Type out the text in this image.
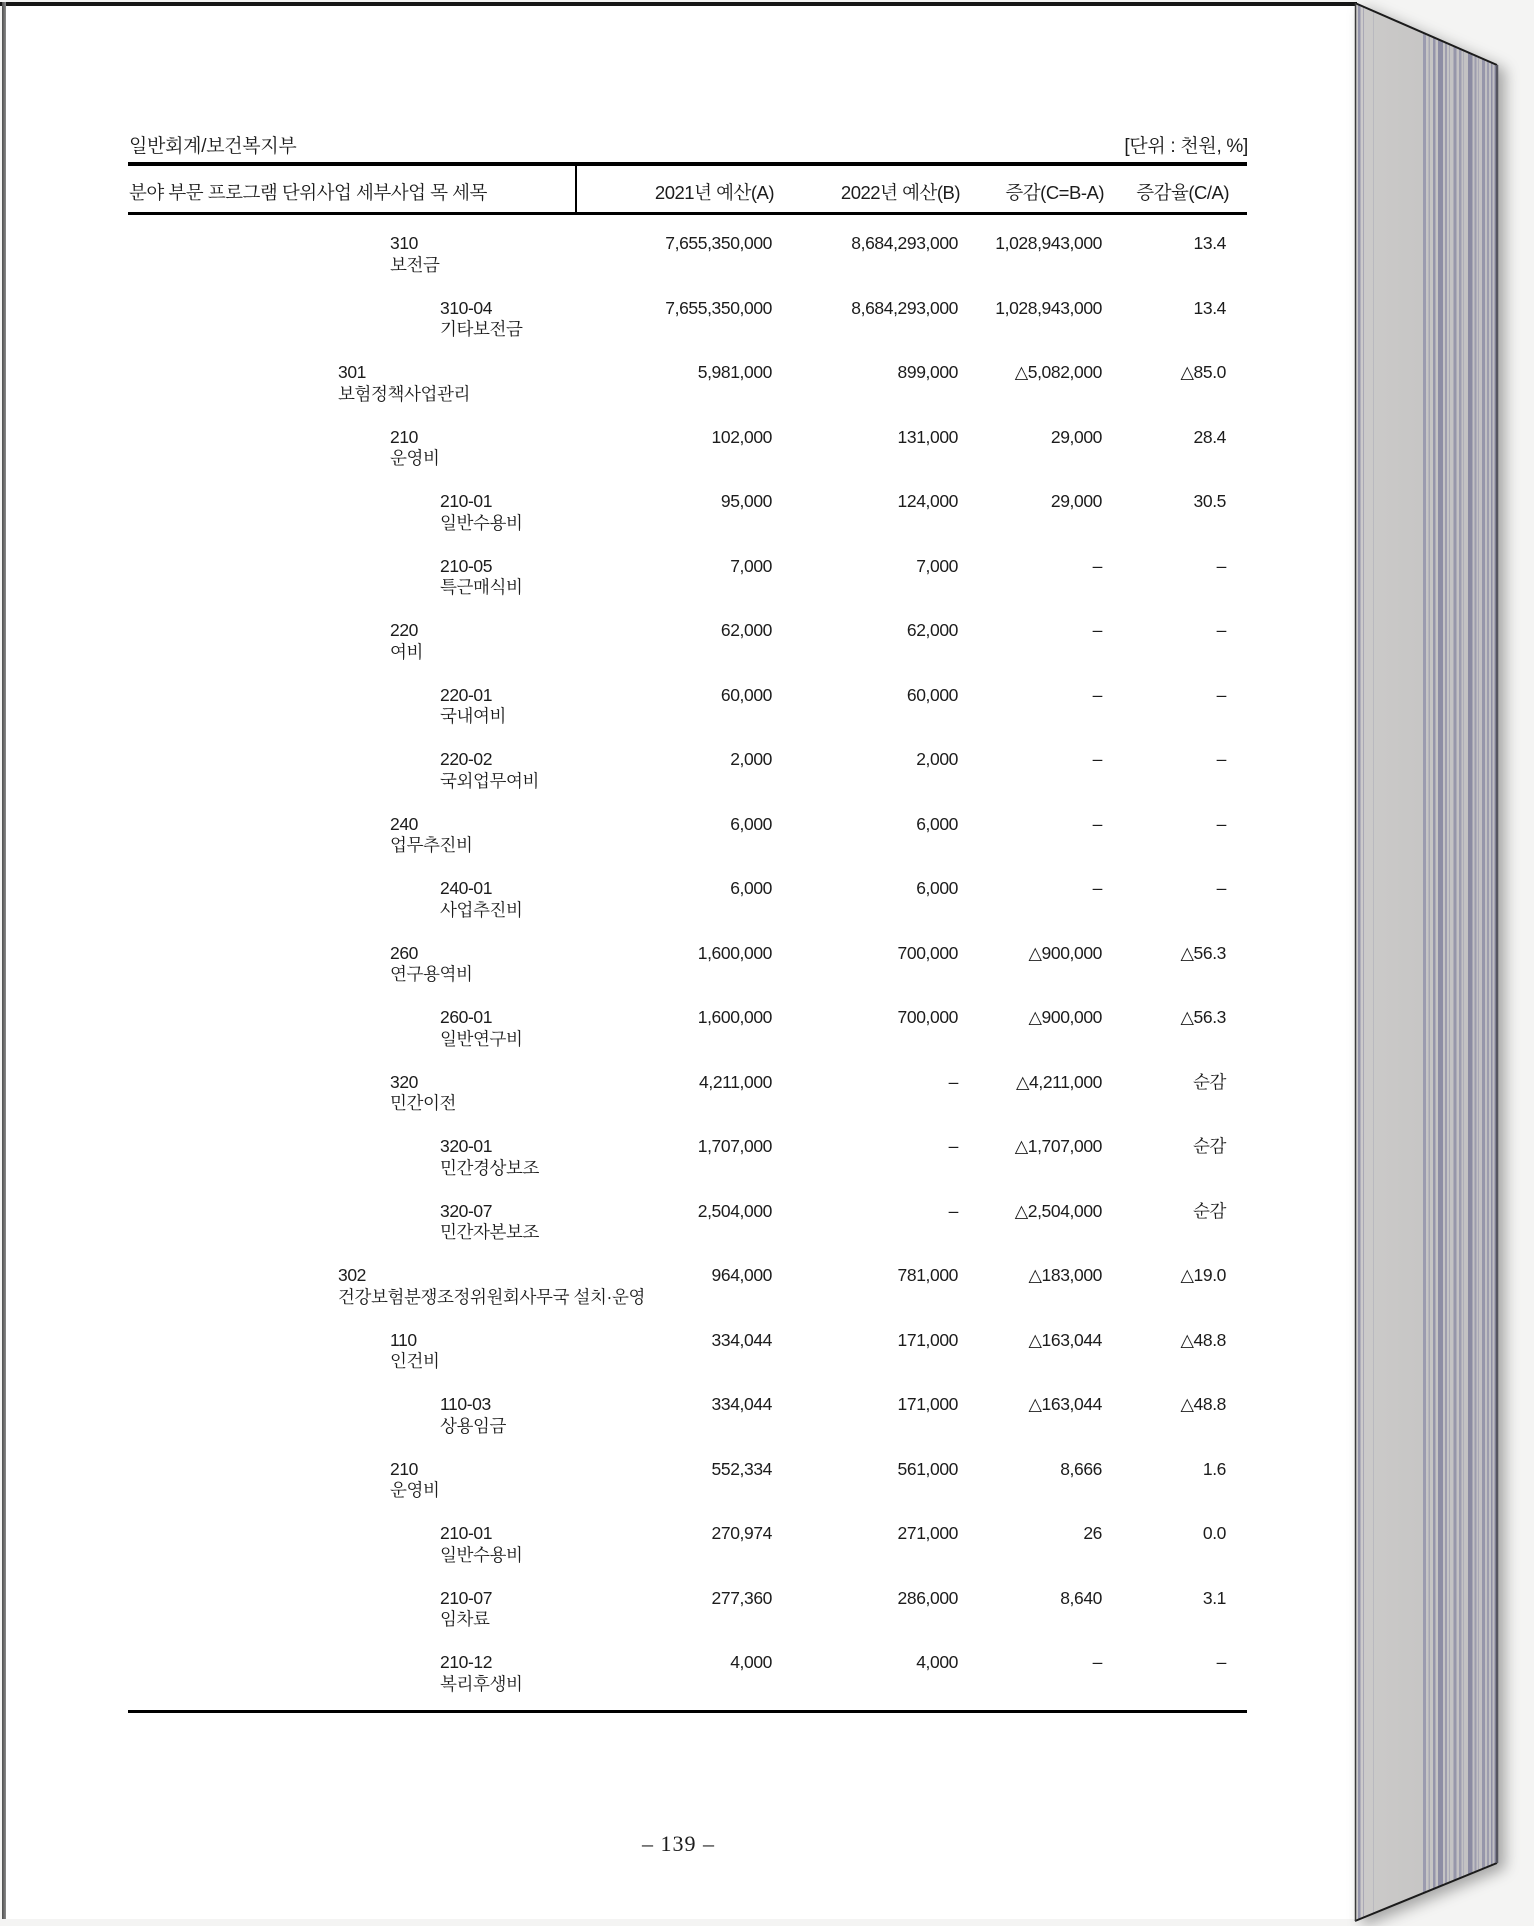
일반회계/보건복지부	[단위 : 천원, %]
분야 부문 프로그램 단위사업 세부사업 목 세목	2021년 예산(A)	2022년 예산(B) 증감(C=B-A) 증감율(C/A)
310
보전금
7,655,350,000	8,684,293,000 1,028,943,000	13.4
310-04
기타보전금
7,655,350,000	8,684,293,000 1,028,943,000	13.4
301
보험정책사업관리
5,981,000	899,000	△5,082,000	△85.0
210
운영비
102,000	131,000	29,000	28.4
210-01
일반수용비
95,000	124,000	29,000	30.5
210-05
특근매식비
7,000	7,000	–	–
220
여비
62,000	62,000	–	–
220-01
국내여비
60,000	60,000	–	–
220-02
국외업무여비
2,000	2,000	–	–
240
업무추진비
6,000	6,000	–	–
240-01
사업추진비
6,000	6,000	–	–
260
연구용역비
1,600,000	700,000	△900,000	△56.3
260-01
일반연구비
1,600,000	700,000	△900,000	△56.3
320
민간이전
4,211,000	–	△4,211,000	순감
320-01
민간경상보조
1,707,000	–	△1,707,000	순감
320-07
민간자본보조
2,504,000	–	△2,504,000	순감
302
건강보험분쟁조정위원회사무국 설치·운영
964,000	781,000	△183,000	△19.0
110
인건비
334,044	171,000	△163,044	△48.8
110-03
상용임금
334,044	171,000	△163,044	△48.8
210
운영비
552,334	561,000	8,666	1.6
210-01
일반수용비
270,974	271,000	26	0.0
210-07
임차료
277,360	286,000	8,640	3.1
210-12
복리후생비
4,000	4,000	–	–
– 139 –
